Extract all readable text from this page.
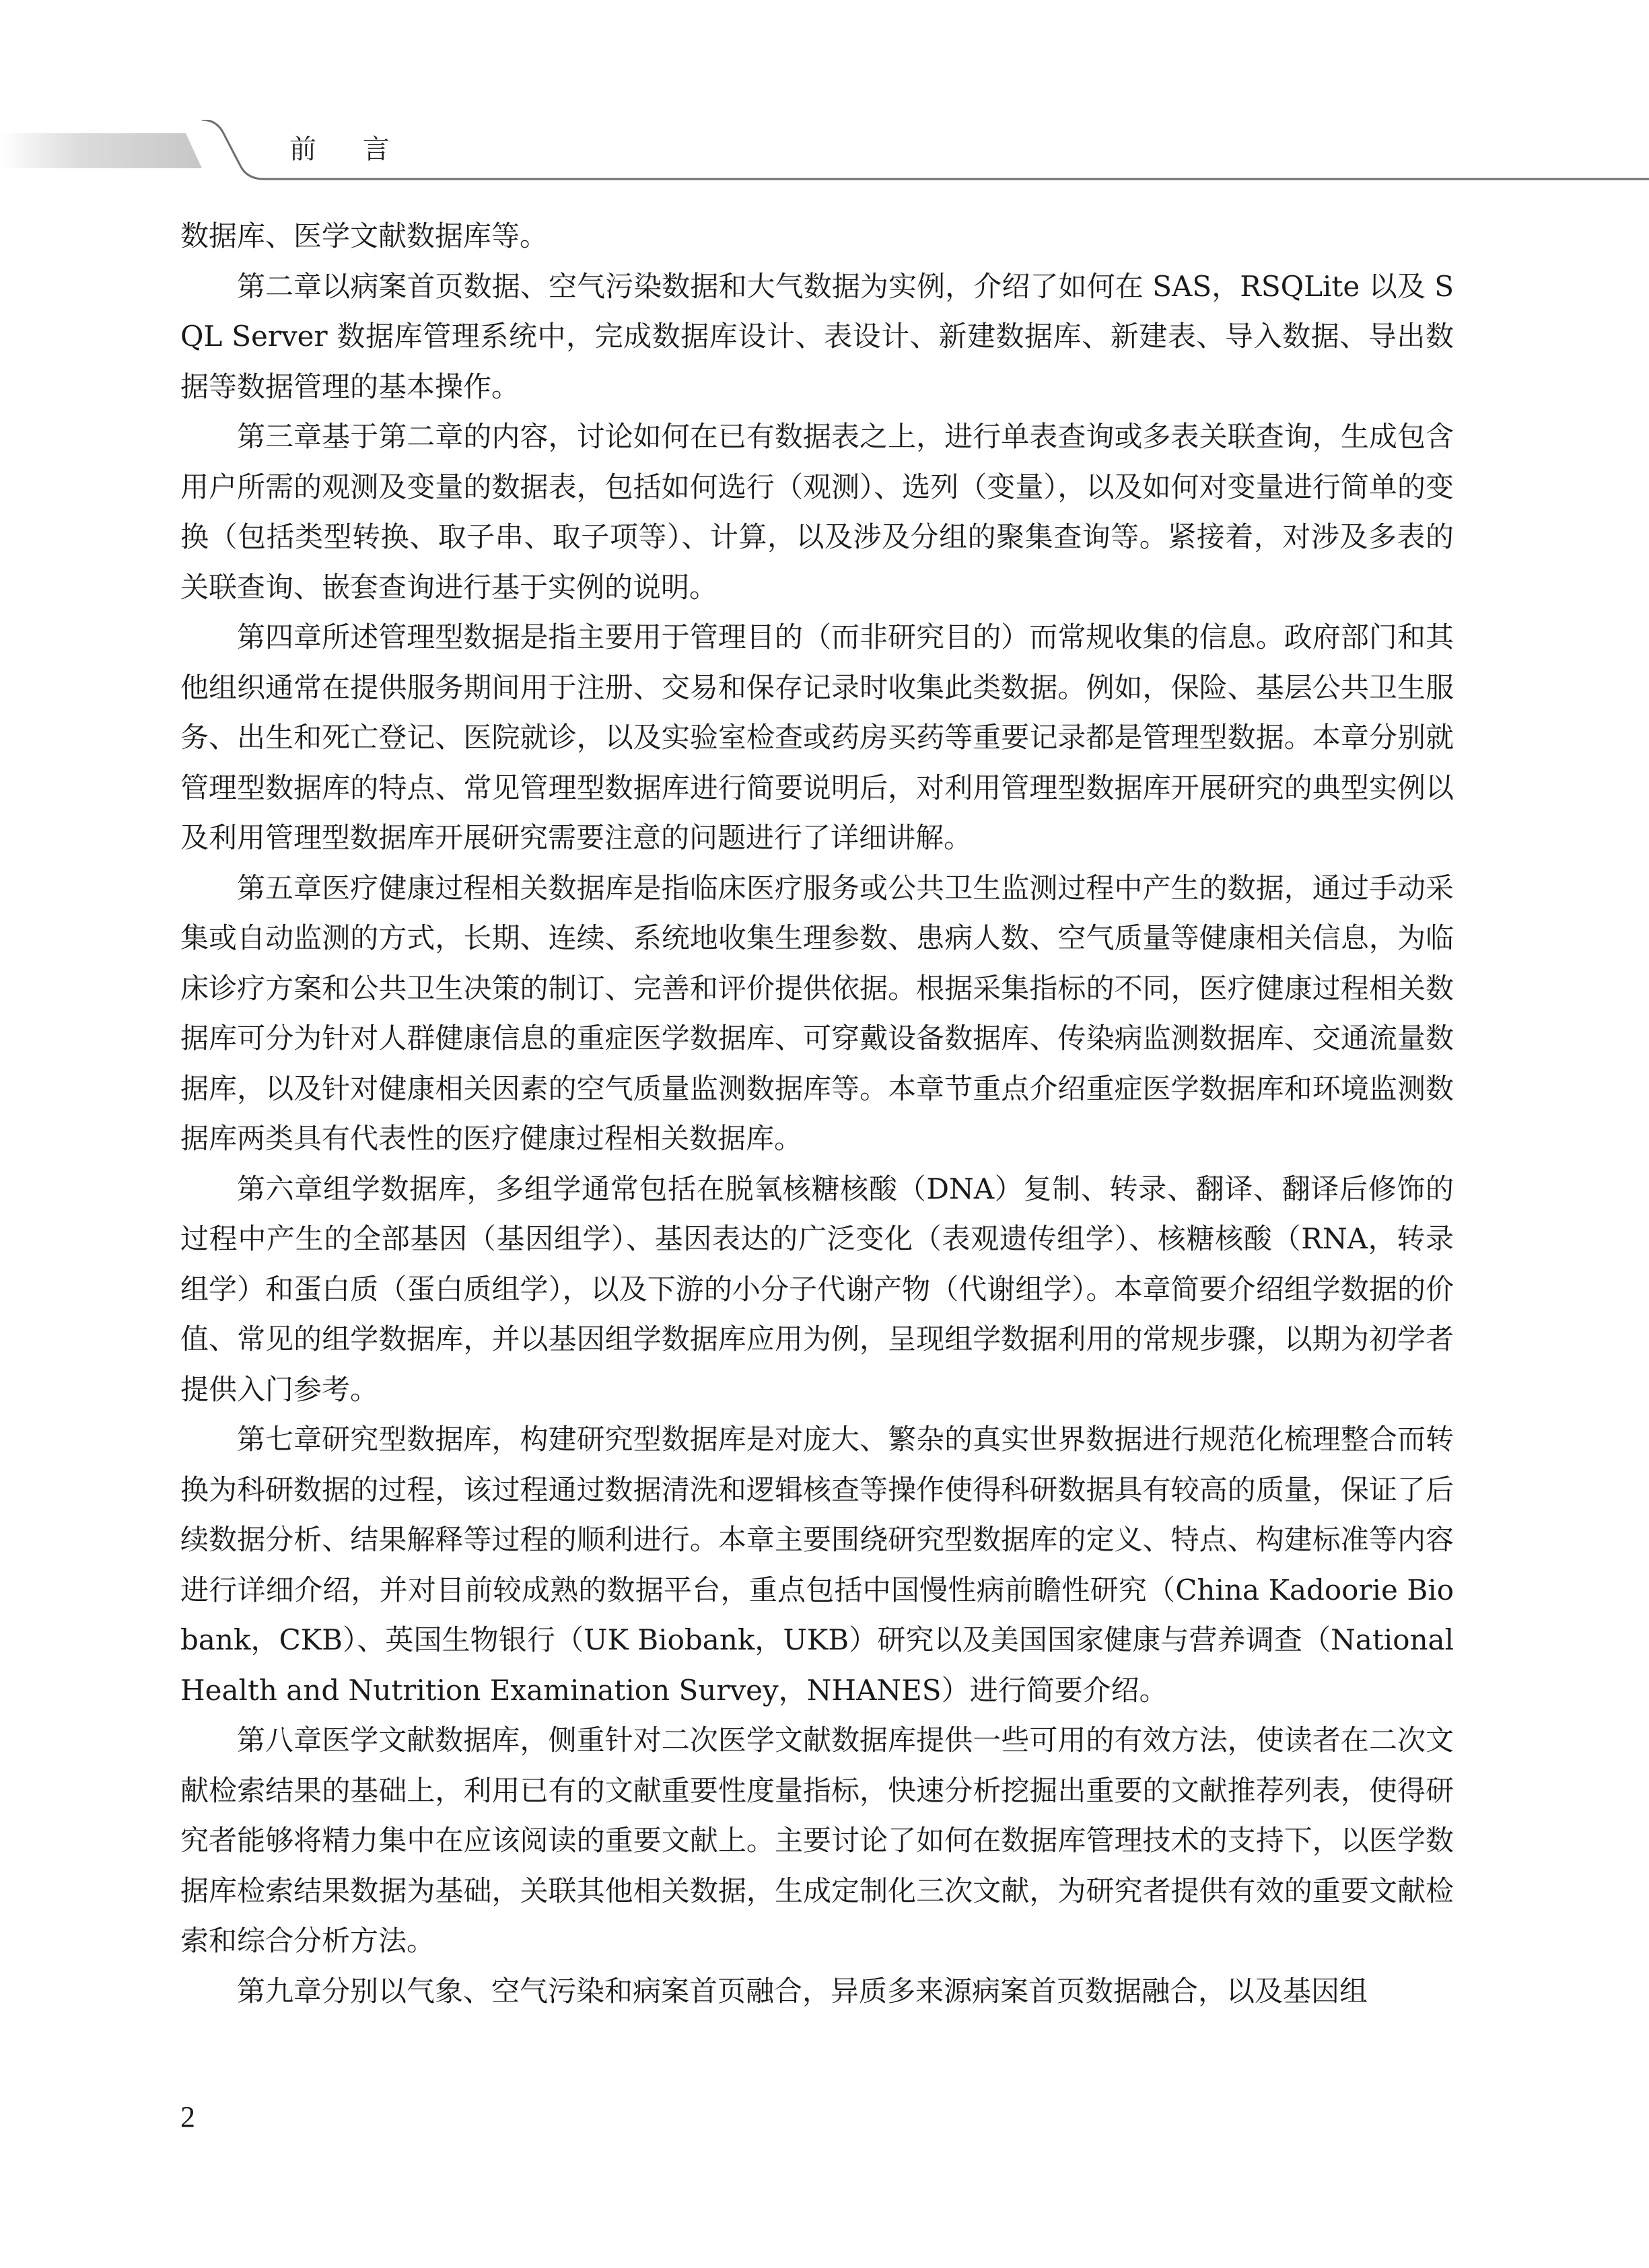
前 言

数据库、医学文献数据库等。

第二章以病案首页数据、空气污染数据和大气数据为实例，介绍了如何在 SAS，RSQLite 以及 SQL Server 数据库管理系统中，完成数据库设计、表设计、新建数据库、新建表、导入数据、导出数据等数据管理的基本操作。

第三章基于第二章的内容，讨论如何在已有数据表之上，进行单表查询或多表关联查询，生成包含用户所需的观测及变量的数据表，包括如何选行（观测）、选列（变量），以及如何对变量进行简单的变换（包括类型转换、取子串、取子项等）、计算，以及涉及分组的聚集查询等。紧接着，对涉及多表的关联查询、嵌套查询进行基于实例的说明。

第四章所述管理型数据是指主要用于管理目的（而非研究目的）而常规收集的信息。政府部门和其他组织通常在提供服务期间用于注册、交易和保存记录时收集此类数据。例如，保险、基层公共卫生服务、出生和死亡登记、医院就诊，以及实验室检查或药房买药等重要记录都是管理型数据。本章分别就管理型数据库的特点、常见管理型数据库进行简要说明后，对利用管理型数据库开展研究的典型实例以及利用管理型数据库开展研究需要注意的问题进行了详细讲解。

第五章医疗健康过程相关数据库是指临床医疗服务或公共卫生监测过程中产生的数据，通过手动采集或自动监测的方式，长期、连续、系统地收集生理参数、患病人数、空气质量等健康相关信息，为临床诊疗方案和公共卫生决策的制订、完善和评价提供依据。根据采集指标的不同，医疗健康过程相关数据库可分为针对人群健康信息的重症医学数据库、可穿戴设备数据库、传染病监测数据库、交通流量数据库，以及针对健康相关因素的空气质量监测数据库等。本章节重点介绍重症医学数据库和环境监测数据库两类具有代表性的医疗健康过程相关数据库。

第六章组学数据库，多组学通常包括在脱氧核糖核酸（DNA）复制、转录、翻译、翻译后修饰的过程中产生的全部基因（基因组学）、基因表达的广泛变化（表观遗传组学）、核糖核酸（RNA，转录组学）和蛋白质（蛋白质组学），以及下游的小分子代谢产物（代谢组学）。本章简要介绍组学数据的价值、常见的组学数据库，并以基因组学数据库应用为例，呈现组学数据利用的常规步骤，以期为初学者提供入门参考。

第七章研究型数据库，构建研究型数据库是对庞大、繁杂的真实世界数据进行规范化梳理整合而转换为科研数据的过程，该过程通过数据清洗和逻辑核查等操作使得科研数据具有较高的质量，保证了后续数据分析、结果解释等过程的顺利进行。本章主要围绕研究型数据库的定义、特点、构建标准等内容进行详细介绍，并对目前较成熟的数据平台，重点包括中国慢性病前瞻性研究（China Kadoorie Biobank，CKB）、英国生物银行（UK Biobank，UKB）研究以及美国国家健康与营养调查（National Health and Nutrition Examination Survey，NHANES）进行简要介绍。

第八章医学文献数据库，侧重针对二次医学文献数据库提供一些可用的有效方法，使读者在二次文献检索结果的基础上，利用已有的文献重要性度量指标，快速分析挖掘出重要的文献推荐列表，使得研究者能够将精力集中在应该阅读的重要文献上。主要讨论了如何在数据库管理技术的支持下，以医学数据库检索结果数据为基础，关联其他相关数据，生成定制化三次文献，为研究者提供有效的重要文献检索和综合分析方法。

第九章分别以气象、空气污染和病案首页融合，异质多来源病案首页数据融合，以及基因组

2
